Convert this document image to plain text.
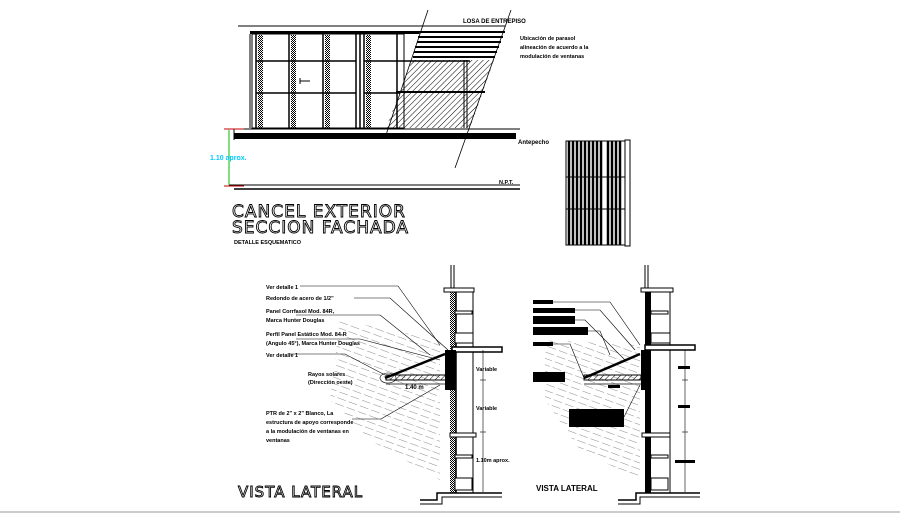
1.10 aprox.
LOSA DE ENTREPISO
Ubicación de parasol
alineación de acuerdo a la
modulación de ventanas
Antepecho
N.P.T.
CANCEL EXTERIOR
SECCION FACHADA
DETALLE ESQUEMATICO
1.40 m
Variable
Variable
1.10m aprox.
Ver detalle 1
Redondo de acero de 1/2"
Panel Corrfasol Mod. 84R,
Marca Hunter Douglas
Perfil Panel Estático Mod. 84-R
(Angulo 45°), Marca Hunter Douglas
Ver detalle 1
Rayos solares
(Dirección oeste)
PTR de 2" x 2" Blanco, La
estructura de apoyo corresponde
a la modulación de ventanas en
ventanas
VISTA LATERAL	VISTA LATERAL
